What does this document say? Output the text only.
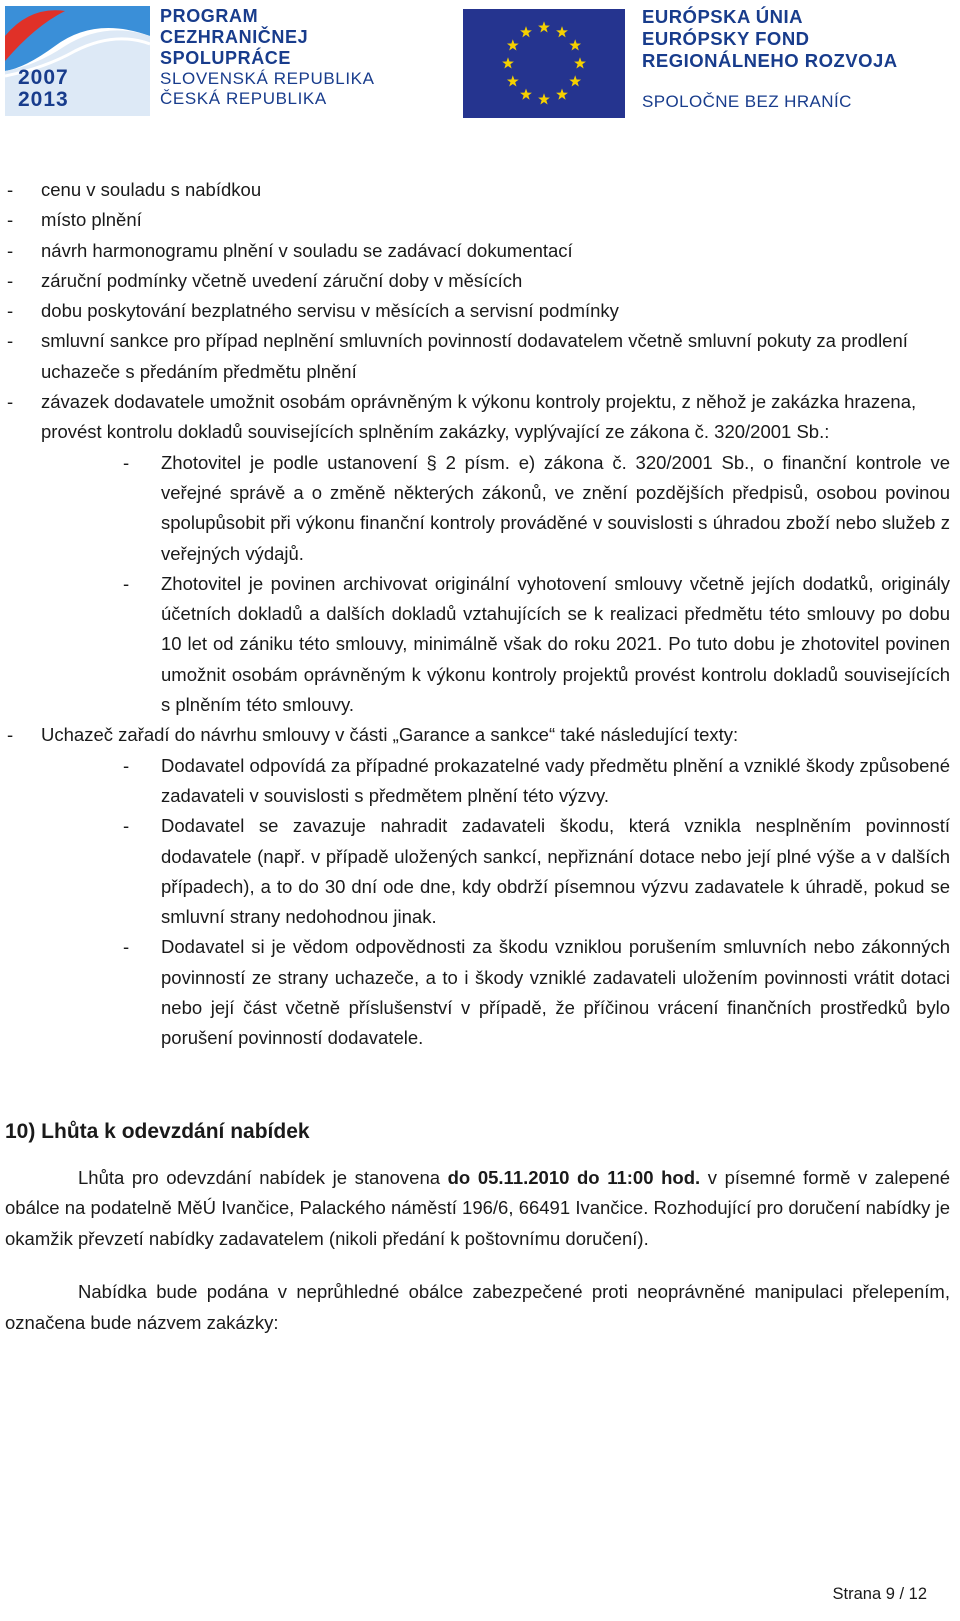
2007
2013
PROGRAM
CEZHRANIČNEJ
SPOLUPRÁCE
SLOVENSKÁ REPUBLIKA
ČESKÁ REPUBLIKA
EURÓPSKA ÚNIA
EURÓPSKY FOND
REGIONÁLNEHO ROZVOJA
SPOLOČNE BEZ HRANÍC
- cenu v souladu s nabídkou
- místo plnění
- návrh harmonogramu plnění v souladu se zadávací dokumentací
- záruční podmínky včetně uvedení záruční doby v měsících
- dobu poskytování bezplatného servisu v měsících a servisní podmínky
- smluvní sankce pro případ neplnění smluvních povinností dodavatelem včetně smluvní pokuty za prodlení uchazeče s předáním předmětu plnění
- závazek dodavatele umožnit osobám oprávněným k výkonu kontroly projektu, z něhož je zakázka hrazena, provést kontrolu dokladů souvisejících splněním zakázky, vyplývající ze zákona č. 320/2001 Sb.:
- Zhotovitel je podle ustanovení § 2 písm. e) zákona č. 320/2001 Sb., o finanční kontrole ve veřejné správě a o změně některých zákonů, ve znění pozdějších předpisů, osobou povinou spolupůsobit při výkonu finanční kontroly prováděné v souvislosti s úhradou zboží nebo služeb z veřejných výdajů.
- Zhotovitel je povinen archivovat originální vyhotovení smlouvy včetně jejích dodatků, originály účetních dokladů a dalších dokladů vztahujících se k realizaci předmětu této smlouvy po dobu 10 let od zániku této smlouvy, minimálně však do roku 2021. Po tuto dobu je zhotovitel povinen umožnit osobám oprávněným k výkonu kontroly projektů provést kontrolu dokladů souvisejících s plněním této smlouvy.
- Uchazeč zařadí do návrhu smlouvy v části „Garance a sankce“ také následující texty:
- Dodavatel odpovídá za případné prokazatelné vady předmětu plnění a vzniklé škody způsobené zadavateli v souvislosti s předmětem plnění této výzvy.
- Dodavatel se zavazuje nahradit zadavateli škodu, která vznikla nesplněním povinností dodavatele (např. v případě uložených sankcí, nepřiznání dotace nebo její plné výše a v dalších případech), a to do 30 dní ode dne, kdy obdrží písemnou výzvu zadavatele k úhradě, pokud se smluvní strany nedohodnou jinak.
- Dodavatel si je vědom odpovědnosti za škodu vzniklou porušením smluvních nebo zákonných povinností ze strany uchazeče, a to i škody vzniklé zadavateli uložením povinnosti vrátit dotaci nebo její část včetně příslušenství v případě, že příčinou vrácení finančních prostředků bylo porušení povinností dodavatele.
10) Lhůta k odevzdání nabídek
Lhůta pro odevzdání nabídek je stanovena do 05.11.2010 do 11:00 hod. v písemné formě v zalepené obálce na podatelně MěÚ Ivančice, Palackého náměstí 196/6, 66491 Ivančice. Rozhodující pro doručení nabídky je okamžik převzetí nabídky zadavatelem (nikoli předání k poštovnímu doručení).
Nabídka bude podána v neprůhledné obálce zabezpečené proti neoprávněné manipulaci přelepením, označena bude názvem zakázky:
Strana 9 / 12
